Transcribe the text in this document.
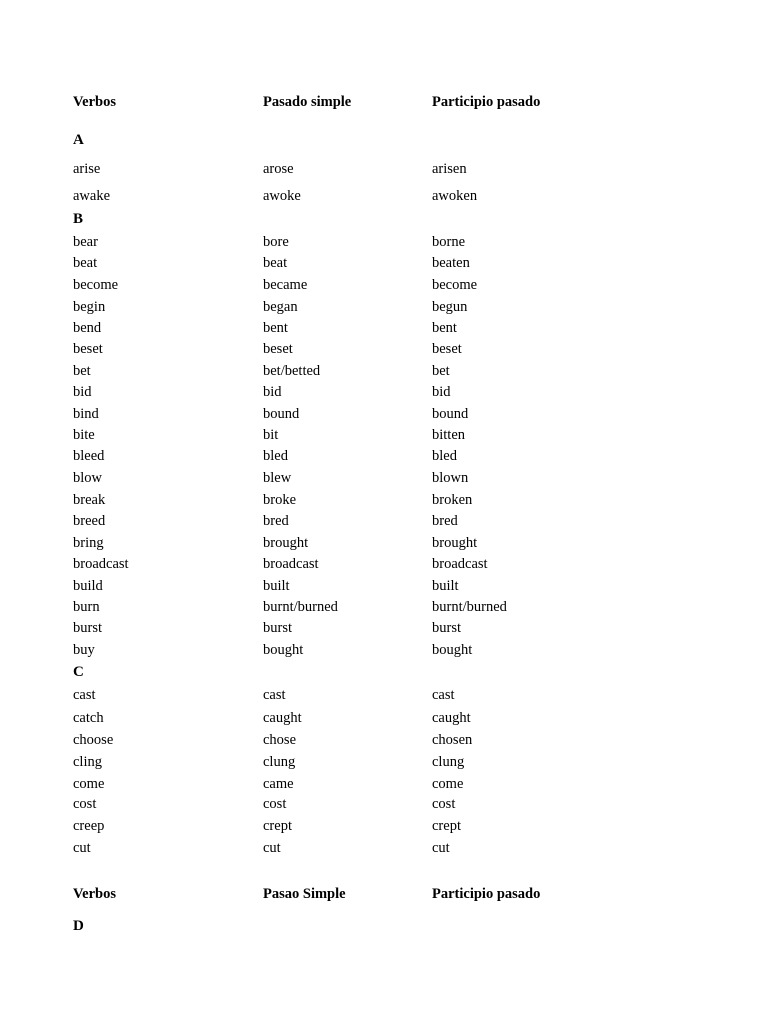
Verbos	Pasado simple	Participio pasado
A
arise	arose	arisen
awake	awoke	awoken
B
bear	bore	borne
beat	beat	beaten
become	became	become
begin	began	begun
bend	bent	bent
beset	beset	beset
bet	bet/betted	bet
bid	bid	bid
bind	bound	bound
bite	bit	bitten
bleed	bled	bled
blow	blew	blown
break	broke	broken
breed	bred	bred
bring	brought	brought
broadcast	broadcast	broadcast
build	built	built
burn	burnt/burned	burnt/burned
burst	burst	burst
buy	bought	bought
C
cast	cast	cast
catch	caught	caught
choose	chose	chosen
cling	clung	clung
come	came	come
cost	cost	cost
creep	crept	crept
cut	cut	cut
Verbos	Pasao Simple	Participio pasado
D
